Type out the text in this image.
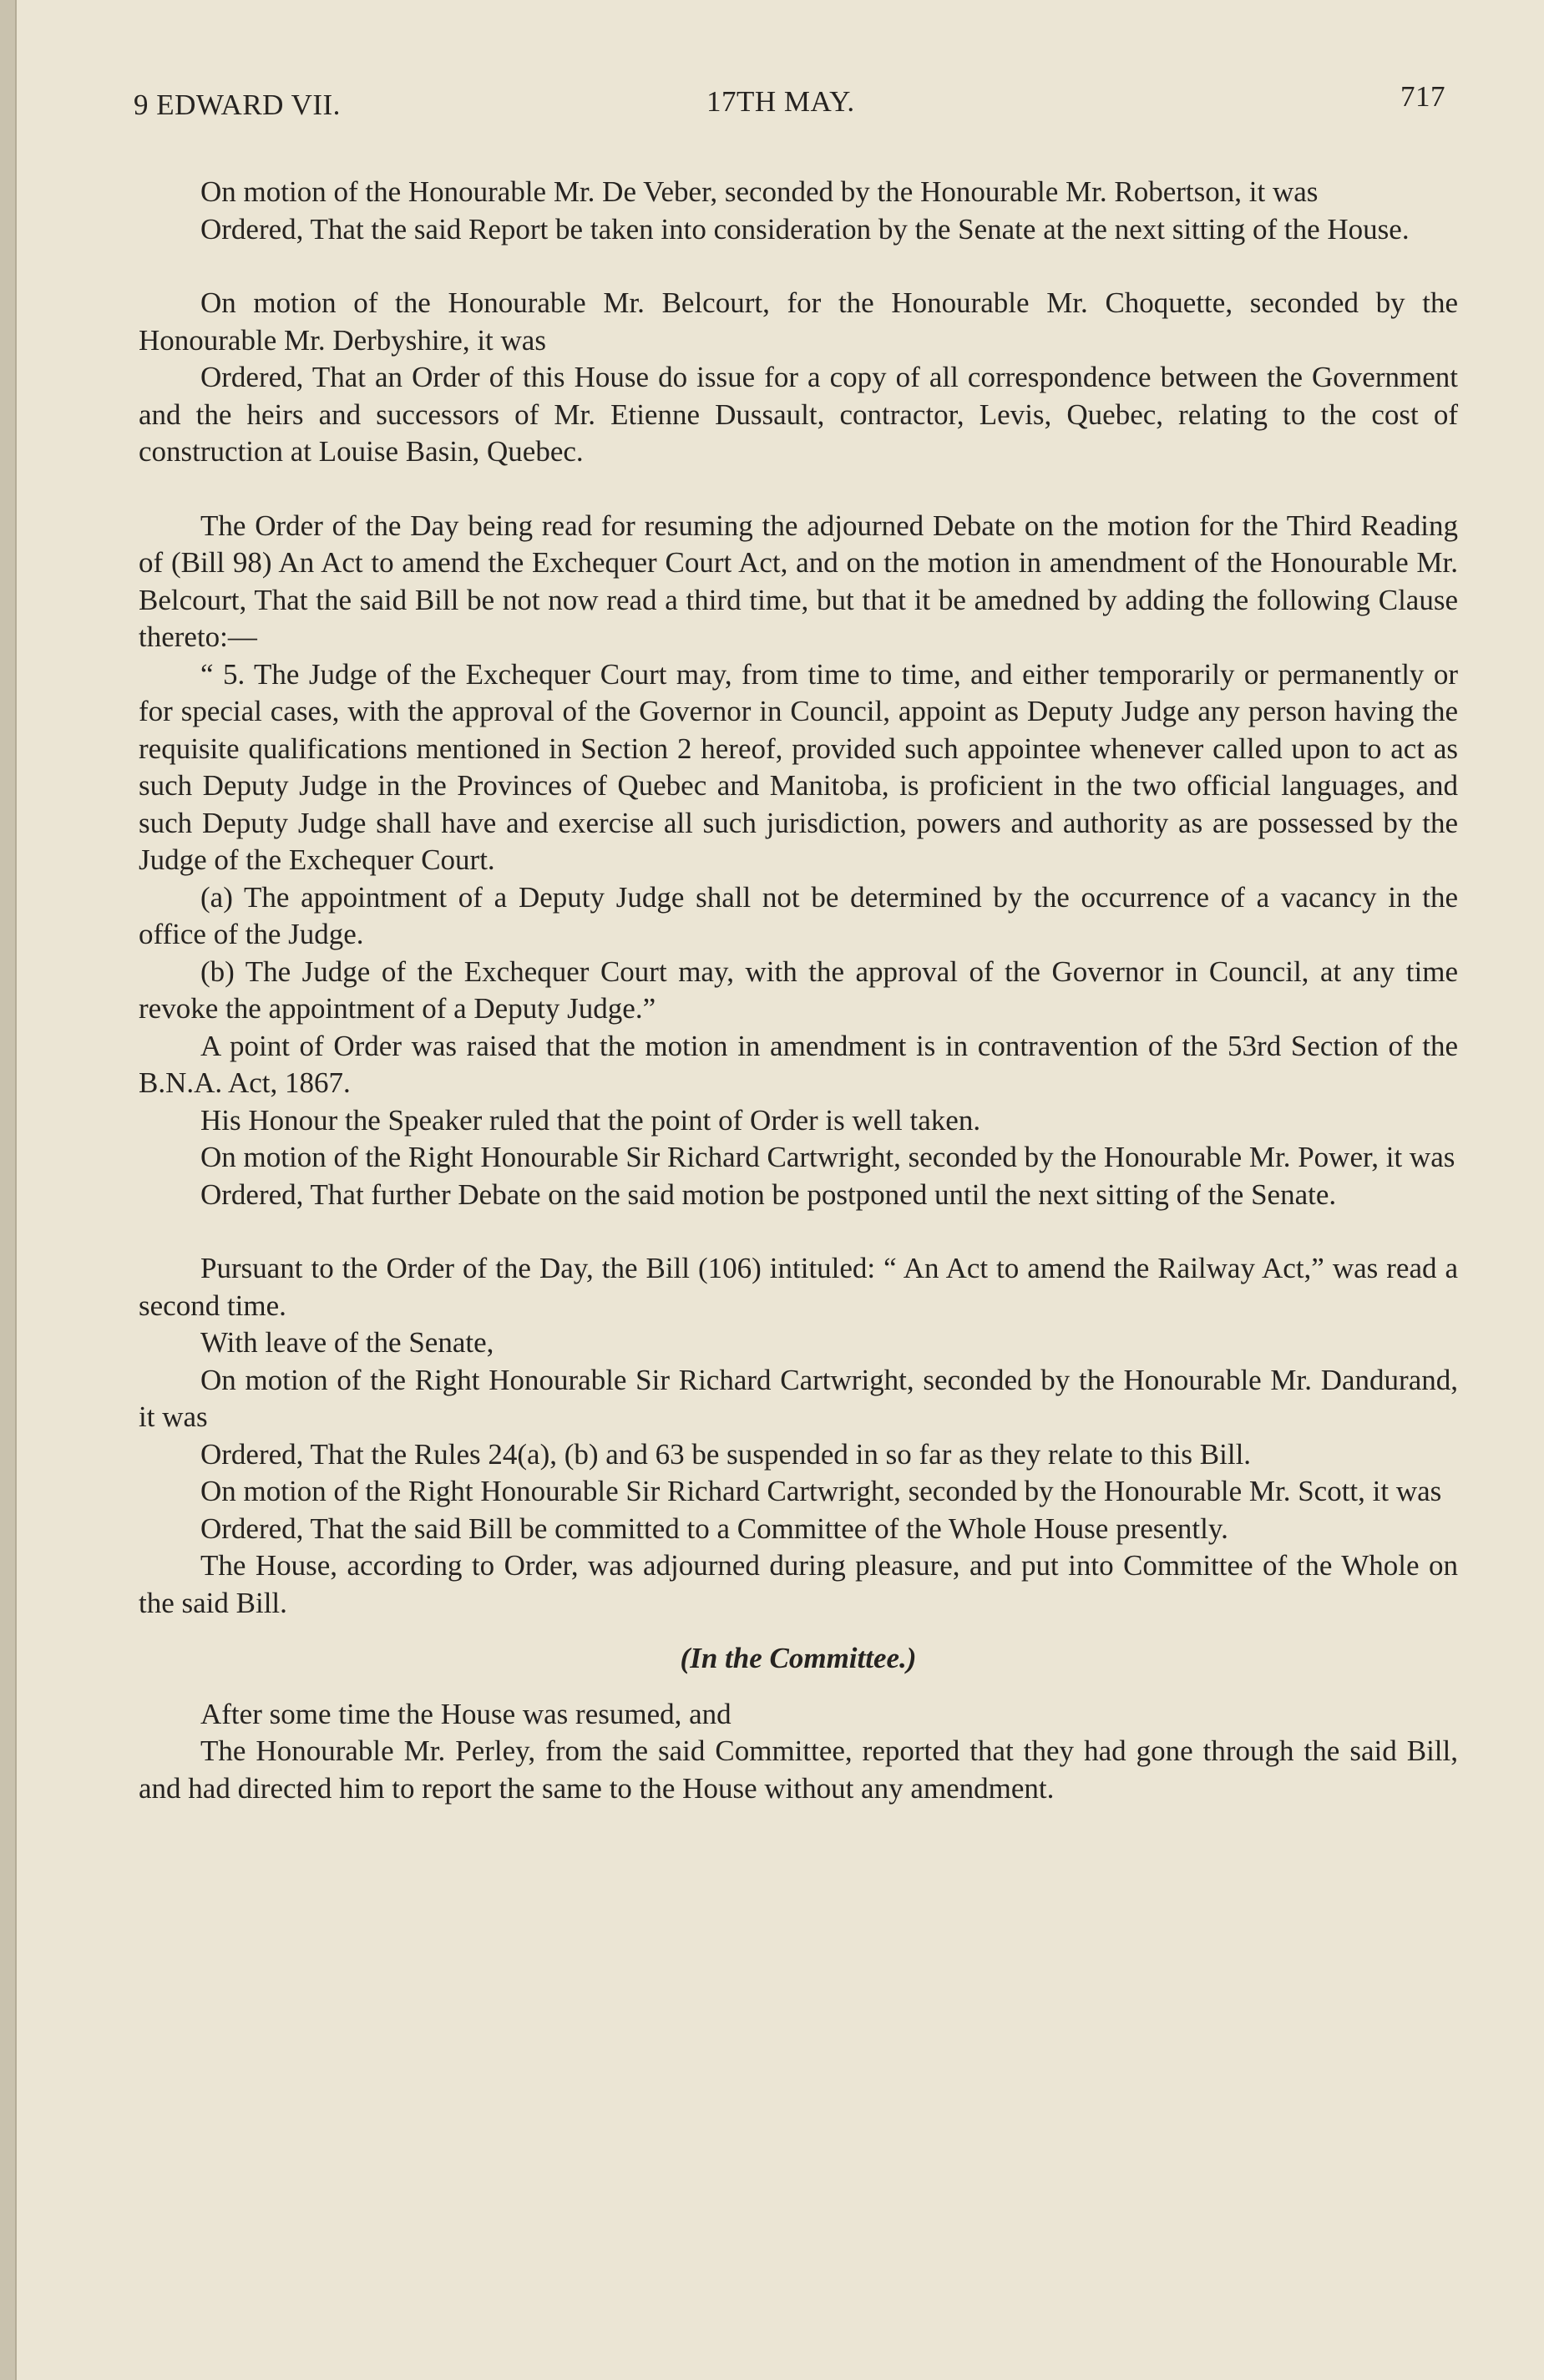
9 EDWARD VII.	17TH MAY.	717

On motion of the Honourable Mr. De Veber, seconded by the Honourable Mr. Robertson, it was

Ordered, That the said Report be taken into consideration by the Senate at the next sitting of the House.

On motion of the Honourable Mr. Belcourt, for the Honourable Mr. Choquette, seconded by the Honourable Mr. Derbyshire, it was

Ordered, That an Order of this House do issue for a copy of all correspondence between the Government and the heirs and successors of Mr. Etienne Dussault, contractor, Levis, Quebec, relating to the cost of construction at Louise Basin, Quebec.

The Order of the Day being read for resuming the adjourned Debate on the motion for the Third Reading of (Bill 98) An Act to amend the Exchequer Court Act, and on the motion in amendment of the Honourable Mr. Belcourt, That the said Bill be not now read a third time, but that it be amedned by adding the following Clause thereto:—

“ 5. The Judge of the Exchequer Court may, from time to time, and either temporarily or permanently or for special cases, with the approval of the Governor in Council, appoint as Deputy Judge any person having the requisite qualifications mentioned in Section 2 hereof, provided such appointee whenever called upon to act as such Deputy Judge in the Provinces of Quebec and Manitoba, is proficient in the two official languages, and such Deputy Judge shall have and exercise all such jurisdiction, powers and authority as are possessed by the Judge of the Exchequer Court.

(a) The appointment of a Deputy Judge shall not be determined by the occurrence of a vacancy in the office of the Judge.

(b) The Judge of the Exchequer Court may, with the approval of the Governor in Council, at any time revoke the appointment of a Deputy Judge.”

A point of Order was raised that the motion in amendment is in contravention of the 53rd Section of the B.N.A. Act, 1867.

His Honour the Speaker ruled that the point of Order is well taken.

On motion of the Right Honourable Sir Richard Cartwright, seconded by the Honourable Mr. Power, it was

Ordered, That further Debate on the said motion be postponed until the next sitting of the Senate.

Pursuant to the Order of the Day, the Bill (106) intituled: “ An Act to amend the Railway Act,” was read a second time.

With leave of the Senate,

On motion of the Right Honourable Sir Richard Cartwright, seconded by the Honourable Mr. Dandurand, it was

Ordered, That the Rules 24(a), (b) and 63 be suspended in so far as they relate to this Bill.

On motion of the Right Honourable Sir Richard Cartwright, seconded by the Honourable Mr. Scott, it was

Ordered, That the said Bill be committed to a Committee of the Whole House presently.

The House, according to Order, was adjourned during pleasure, and put into Committee of the Whole on the said Bill.

(In the Committee.)

After some time the House was resumed, and

The Honourable Mr. Perley, from the said Committee, reported that they had gone through the said Bill, and had directed him to report the same to the House without any amendment.
